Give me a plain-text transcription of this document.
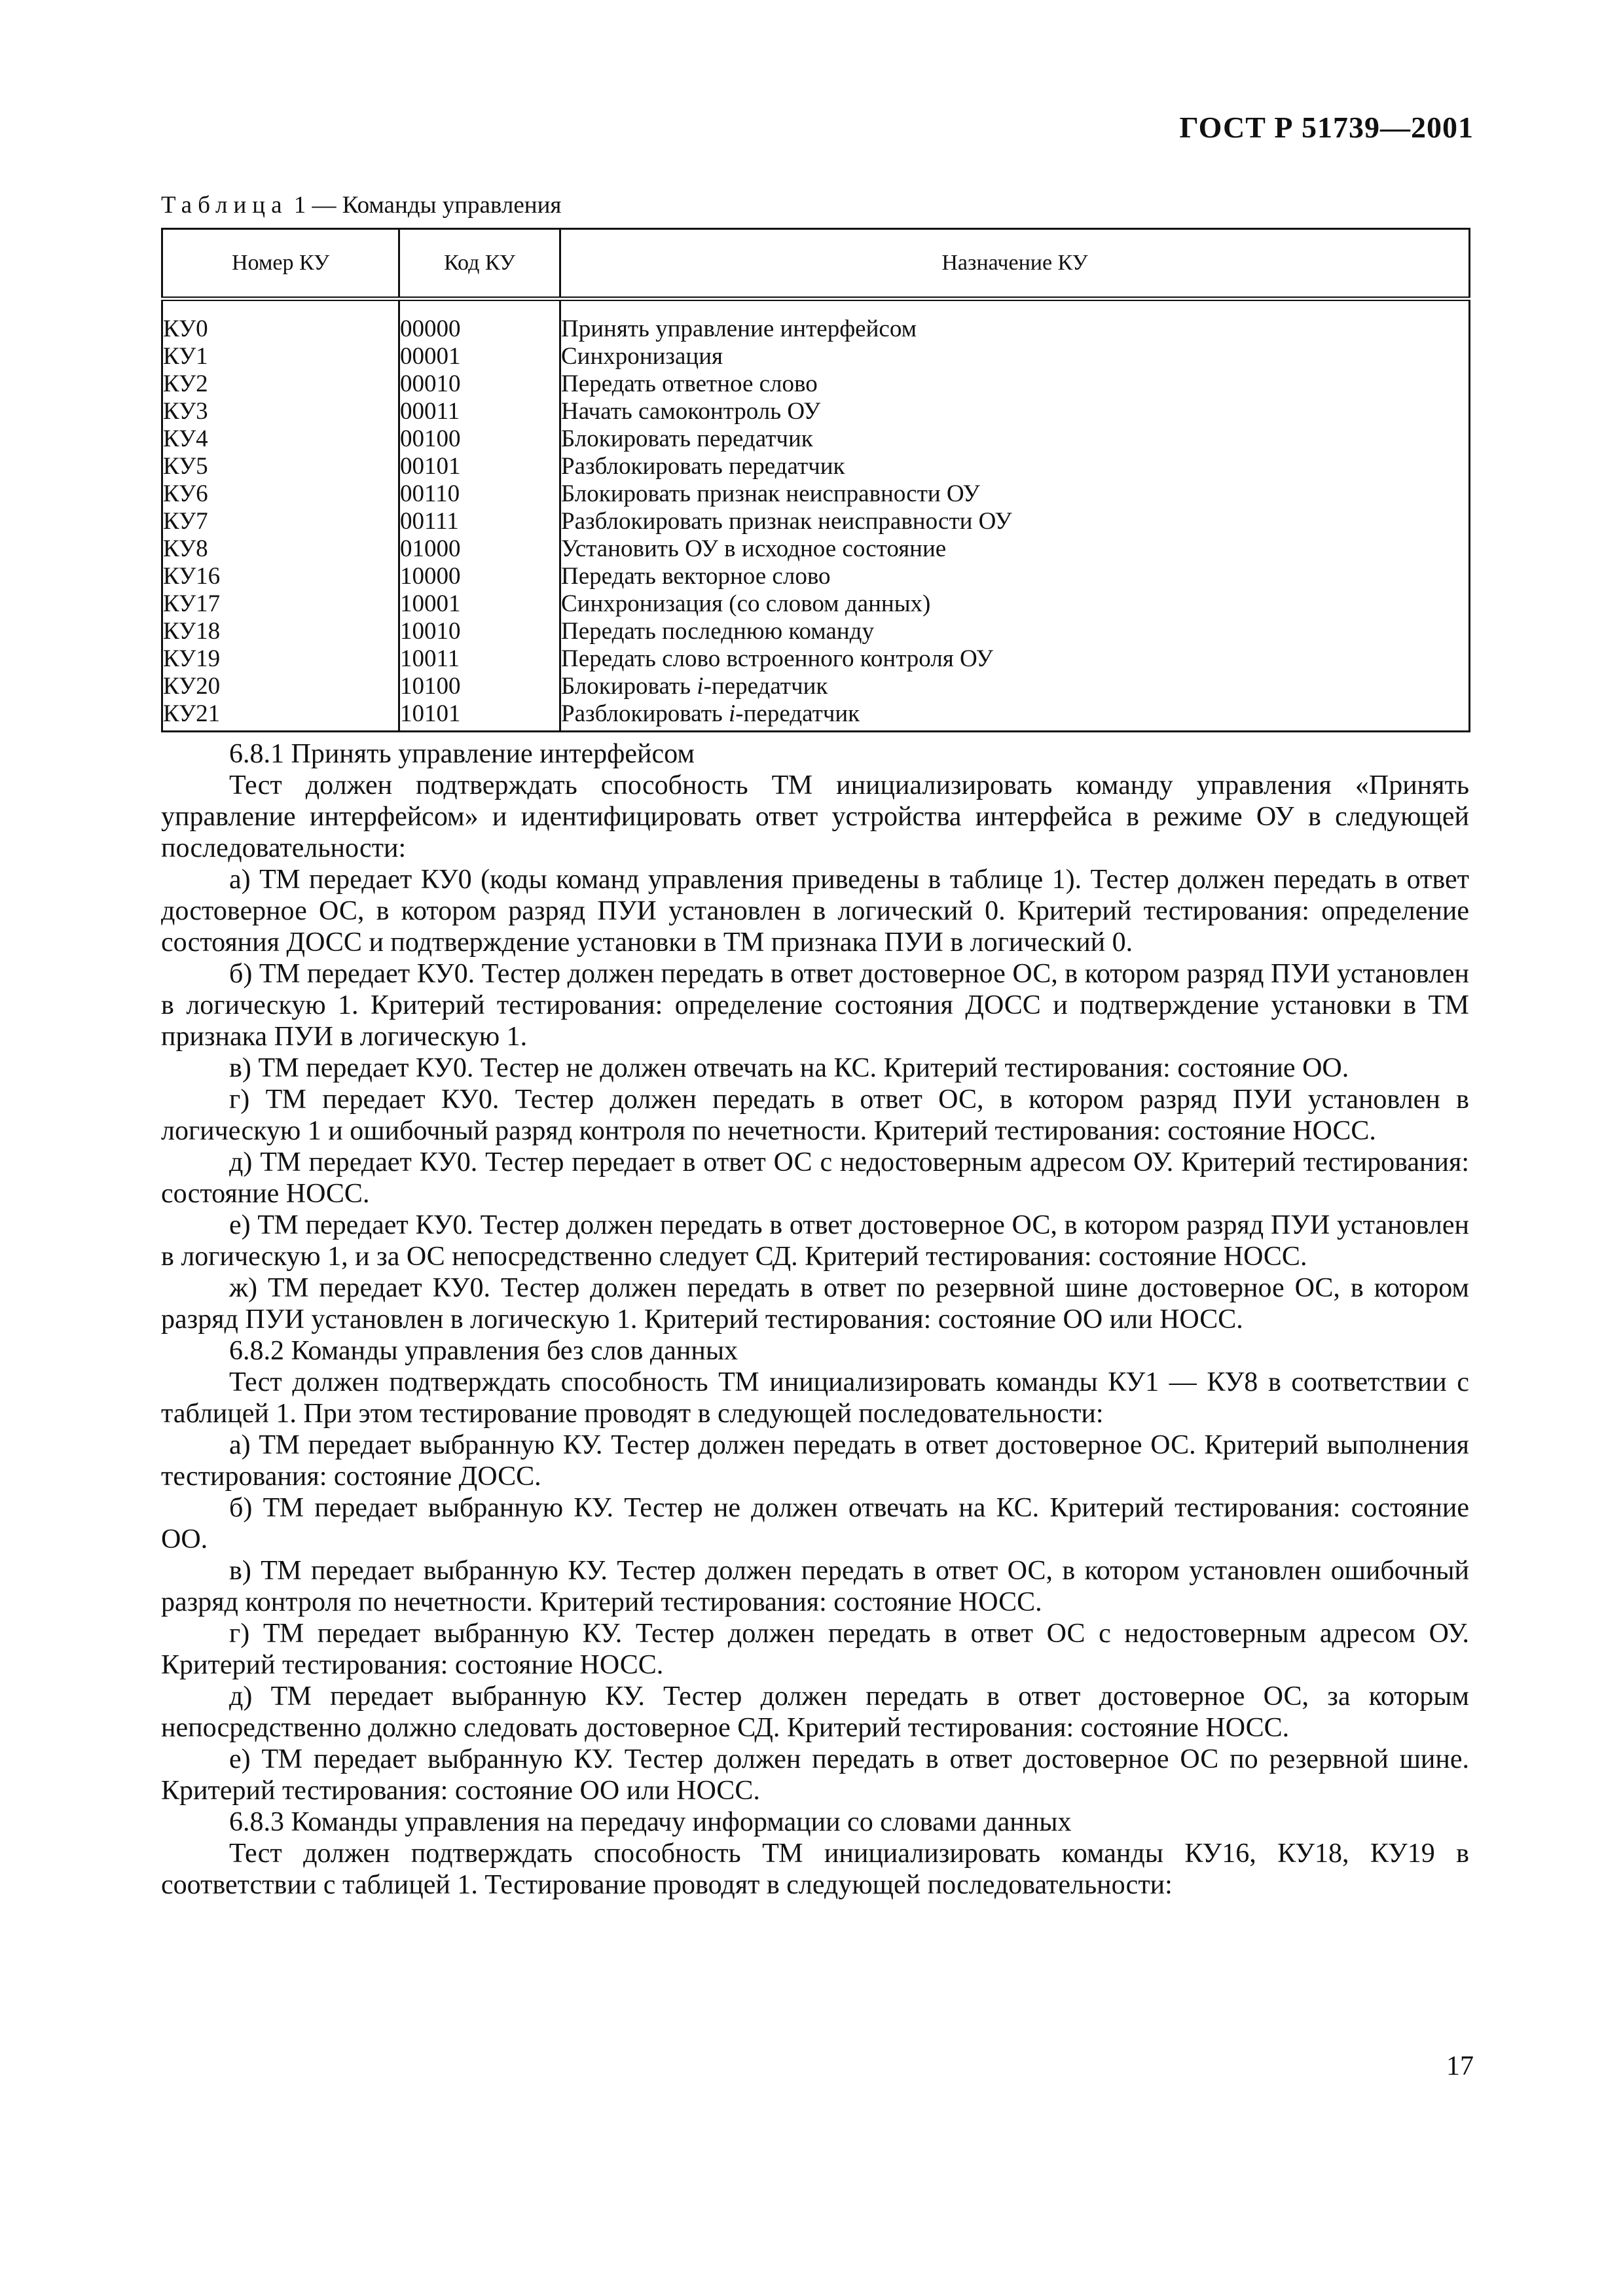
ГОСТ Р 51739—2001
Таблица 1 — Команды управления
Номер КУ	Код КУ	Назначение КУ
КУ0	00000	Принять управление интерфейсом
КУ1	00001	Синхронизация
КУ2	00010	Передать ответное слово
КУ3	00011	Начать самоконтроль ОУ
КУ4	00100	Блокировать передатчик
КУ5	00101	Разблокировать передатчик
КУ6	00110	Блокировать признак неисправности ОУ
КУ7	00111	Разблокировать признак неисправности ОУ
КУ8	01000	Установить ОУ в исходное состояние
КУ16	10000	Передать векторное слово
КУ17	10001	Синхронизация (со словом данных)
КУ18	10010	Передать последнюю команду
КУ19	10011	Передать слово встроенного контроля ОУ
КУ20	10100	Блокировать i-передатчик
КУ21	10101	Разблокировать i-передатчик

6.8.1 Принять управление интерфейсом

Тест должен подтверждать способность ТМ инициализировать команду управления «Принять управление интерфейсом» и идентифицировать ответ устройства интерфейса в режиме ОУ в следующей последовательности:

а) ТМ передает КУ0 (коды команд управления приведены в таблице 1). Тестер должен передать в ответ достоверное ОС, в котором разряд ПУИ установлен в логический 0. Критерий тестирования: определение состояния ДОСС и подтверждение установки в ТМ признака ПУИ в логический 0.

б) ТМ передает КУ0. Тестер должен передать в ответ достоверное ОС, в котором разряд ПУИ установлен в логическую 1. Критерий тестирования: определение состояния ДОСС и подтверждение установки в ТМ признака ПУИ в логическую 1.

в) ТМ передает КУ0. Тестер не должен отвечать на КС. Критерий тестирования: состояние ОО.

г) ТМ передает КУ0. Тестер должен передать в ответ ОС, в котором разряд ПУИ установлен в логическую 1 и ошибочный разряд контроля по нечетности. Критерий тестирования: состояние НОСС.

д) ТМ передает КУ0. Тестер передает в ответ ОС с недостоверным адресом ОУ. Критерий тестирования: состояние НОСС.

е) ТМ передает КУ0. Тестер должен передать в ответ достоверное ОС, в котором разряд ПУИ установлен в логическую 1, и за ОС непосредственно следует СД. Критерий тестирования: состояние НОСС.

ж) ТМ передает КУ0. Тестер должен передать в ответ по резервной шине достоверное ОС, в котором разряд ПУИ установлен в логическую 1. Критерий тестирования: состояние ОО или НОСС.

6.8.2 Команды управления без слов данных

Тест должен подтверждать способность ТМ инициализировать команды КУ1 — КУ8 в соответствии с таблицей 1. При этом тестирование проводят в следующей последовательности:

а) ТМ передает выбранную КУ. Тестер должен передать в ответ достоверное ОС. Критерий выполнения тестирования: состояние ДОСС.

б) ТМ передает выбранную КУ. Тестер не должен отвечать на КС. Критерий тестирования: состояние ОО.

в) ТМ передает выбранную КУ. Тестер должен передать в ответ ОС, в котором установлен ошибочный разряд контроля по нечетности. Критерий тестирования: состояние НОСС.

г) ТМ передает выбранную КУ. Тестер должен передать в ответ ОС с недостоверным адресом ОУ. Критерий тестирования: состояние НОСС.

д) ТМ передает выбранную КУ. Тестер должен передать в ответ достоверное ОС, за которым непосредственно должно следовать достоверное СД. Критерий тестирования: состояние НОСС.

е) ТМ передает выбранную КУ. Тестер должен передать в ответ достоверное ОС по резервной шине. Критерий тестирования: состояние ОО или НОСС.

6.8.3 Команды управления на передачу информации со словами данных

Тест должен подтверждать способность ТМ инициализировать команды КУ16, КУ18, КУ19 в соответствии с таблицей 1. Тестирование проводят в следующей последовательности:

17
